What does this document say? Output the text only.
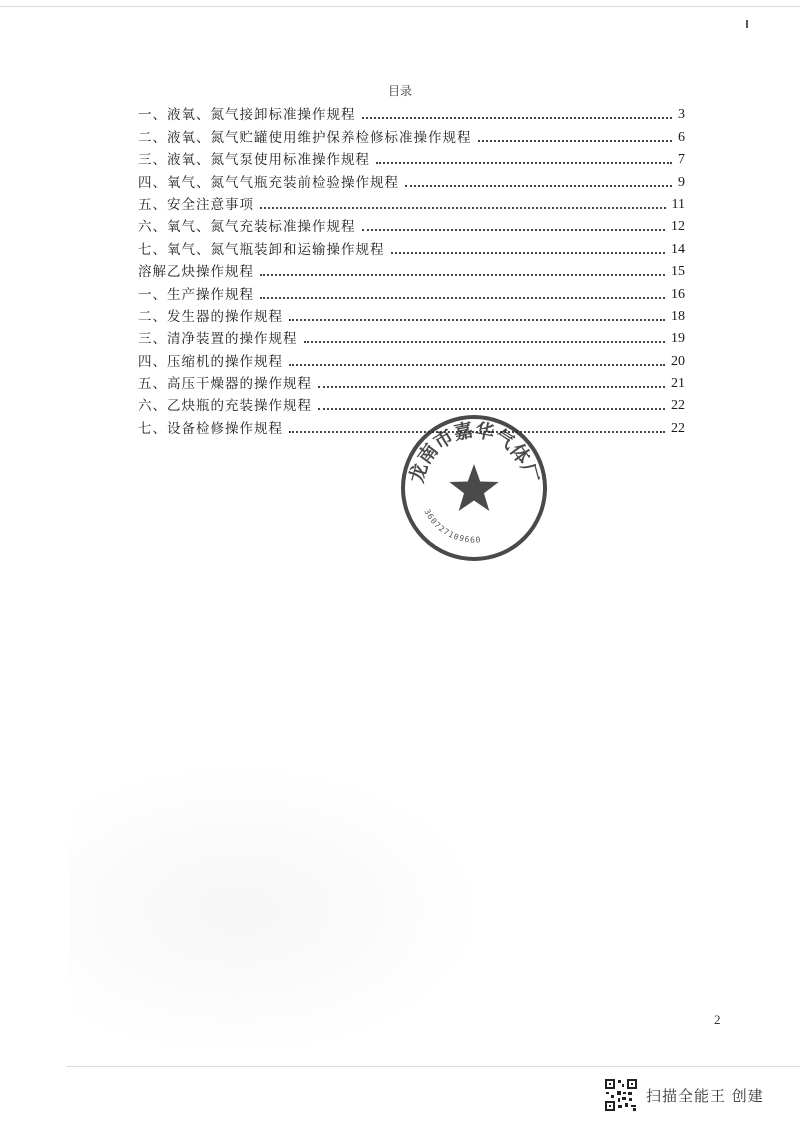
目录
一、液氧、氮气接卸标准操作规程	3
二、液氧、氮气贮罐使用维护保养检修标准操作规程	6
三、液氧、氮气泵使用标准操作规程	7
四、氧气、氮气气瓶充装前检验操作规程	9
五、安全注意事项	11
六、氧气、氮气充装标准操作规程	12
七、氧气、氮气瓶装卸和运输操作规程	14
溶解乙炔操作规程	15
一、生产操作规程	16
二、发生器的操作规程	18
三、清净装置的操作规程	19
四、压缩机的操作规程	20
五、高压干燥器的操作规程	21
六、乙炔瓶的充装操作规程	22
七、设备检修操作规程	22
龙南市嘉华气体厂
360727109660
2
扫描全能王 创建
